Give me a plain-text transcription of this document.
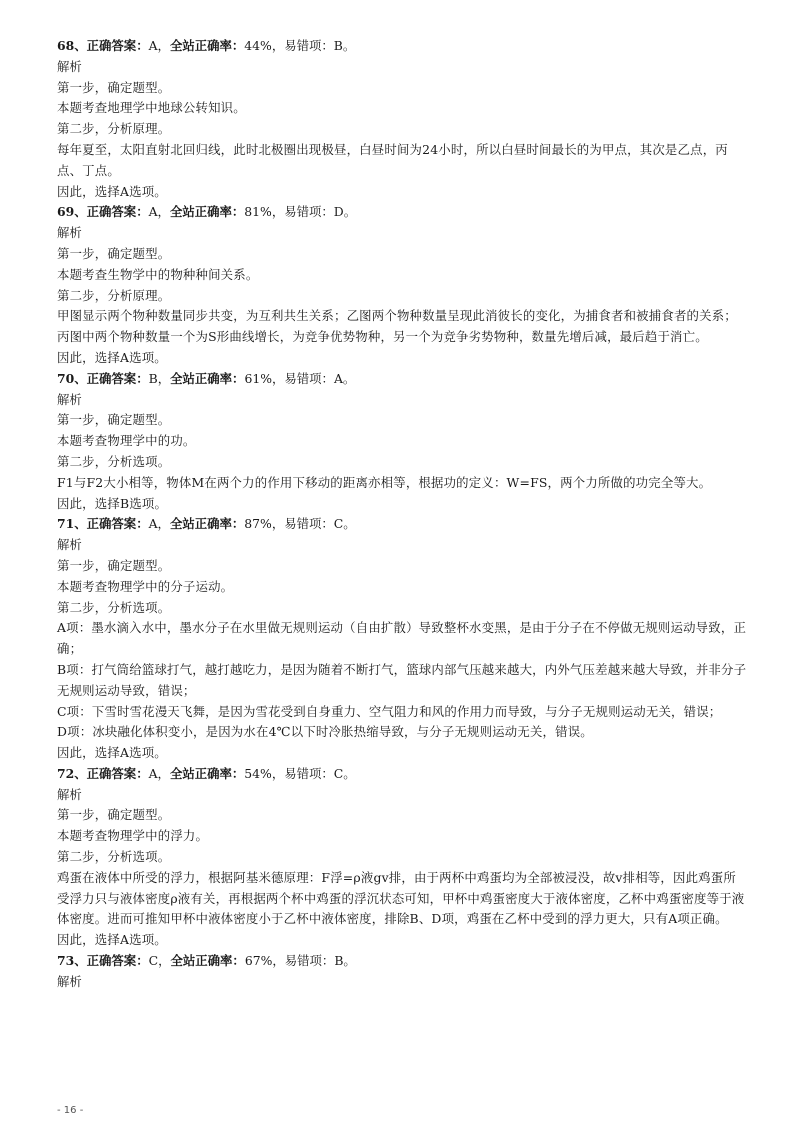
68、正确答案：A，全站正确率：44%，易错项：B。
解析
第一步，确定题型。
本题考查地理学中地球公转知识。
第二步，分析原理。
每年夏至，太阳直射北回归线，此时北极圈出现极昼，白昼时间为24小时，所以白昼时间最长的为甲点，其次是乙点，丙点、丁点。
因此，选择A选项。
69、正确答案：A，全站正确率：81%，易错项：D。
解析
第一步，确定题型。
本题考查生物学中的物种种间关系。
第二步，分析原理。
甲图显示两个物种数量同步共变，为互利共生关系；乙图两个物种数量呈现此消彼长的变化，为捕食者和被捕食者的关系；丙图中两个物种数量一个为S形曲线增长，为竞争优势物种，另一个为竞争劣势物种，数量先增后减，最后趋于消亡。
因此，选择A选项。
70、正确答案：B，全站正确率：61%，易错项：A。
解析
第一步，确定题型。
本题考查物理学中的功。
第二步，分析选项。
F1与F2大小相等，物体M在两个力的作用下移动的距离亦相等，根据功的定义：W=FS，两个力所做的功完全等大。
因此，选择B选项。
71、正确答案：A，全站正确率：87%，易错项：C。
解析
第一步，确定题型。
本题考查物理学中的分子运动。
第二步，分析选项。
A项：墨水滴入水中，墨水分子在水里做无规则运动（自由扩散）导致整杯水变黑，是由于分子在不停做无规则运动导致，正确；
B项：打气筒给篮球打气，越打越吃力，是因为随着不断打气，篮球内部气压越来越大，内外气压差越来越大导致，并非分子无规则运动导致，错误；
C项：下雪时雪花漫天飞舞，是因为雪花受到自身重力、空气阻力和风的作用力而导致，与分子无规则运动无关，错误；
D项：冰块融化体积变小，是因为水在4℃以下时冷胀热缩导致，与分子无规则运动无关，错误。
因此，选择A选项。
72、正确答案：A，全站正确率：54%，易错项：C。
解析
第一步，确定题型。
本题考查物理学中的浮力。
第二步，分析选项。
鸡蛋在液体中所受的浮力，根据阿基米德原理：F浮=ρ液gv排，由于两杯中鸡蛋均为全部被浸没，故v排相等，因此鸡蛋所受浮力只与液体密度ρ液有关，再根据两个杯中鸡蛋的浮沉状态可知，甲杯中鸡蛋密度大于液体密度，乙杯中鸡蛋密度等于液体密度。进而可推知甲杯中液体密度小于乙杯中液体密度，排除B、D项，鸡蛋在乙杯中受到的浮力更大，只有A项正确。
因此，选择A选项。
73、正确答案：C，全站正确率：67%，易错项：B。
解析
- 16 -
